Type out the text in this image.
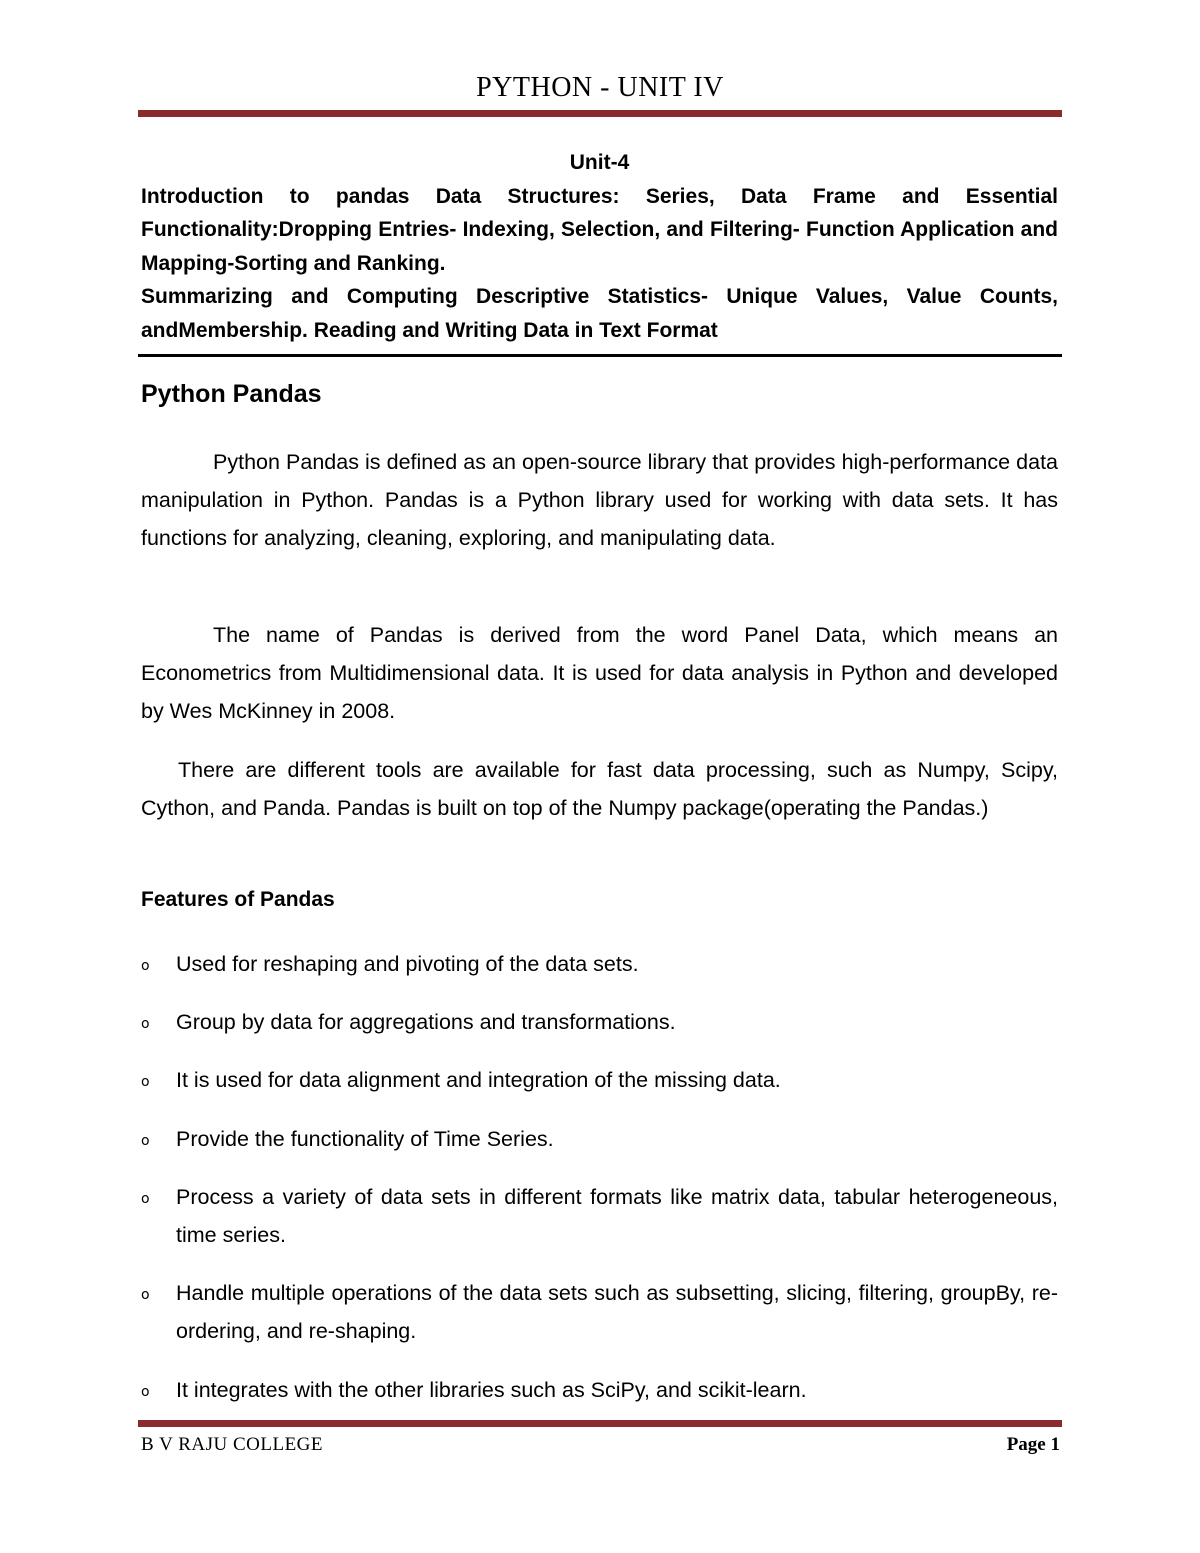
PYTHON - UNIT IV
Unit-4
Introduction to pandas Data Structures: Series, Data Frame and Essential Functionality:Dropping Entries- Indexing, Selection, and Filtering- Function Application and Mapping-Sorting and Ranking.
Summarizing and Computing Descriptive Statistics- Unique Values, Value Counts, andMembership. Reading and Writing Data in Text Format
Python Pandas
Python Pandas is defined as an open-source library that provides high-performance data manipulation in Python. Pandas is a Python library used for working with data sets. It has functions for analyzing, cleaning, exploring, and manipulating data.
The name of Pandas is derived from the word Panel Data, which means an Econometrics from Multidimensional data. It is used for data analysis in Python and developed by Wes McKinney in 2008.
There are different tools are available for fast data processing, such as Numpy, Scipy, Cython, and Panda. Pandas is built on top of the Numpy package(operating the Pandas.)
Features of Pandas
o Used for reshaping and pivoting of the data sets.
o Group by data for aggregations and transformations.
o It is used for data alignment and integration of the missing data.
o Provide the functionality of Time Series.
o Process a variety of data sets in different formats like matrix data, tabular heterogeneous, time series.
o Handle multiple operations of the data sets such as subsetting, slicing, filtering, groupBy, re-ordering, and re-shaping.
o It integrates with the other libraries such as SciPy, and scikit-learn.
B V RAJU COLLEGE	Page 1
